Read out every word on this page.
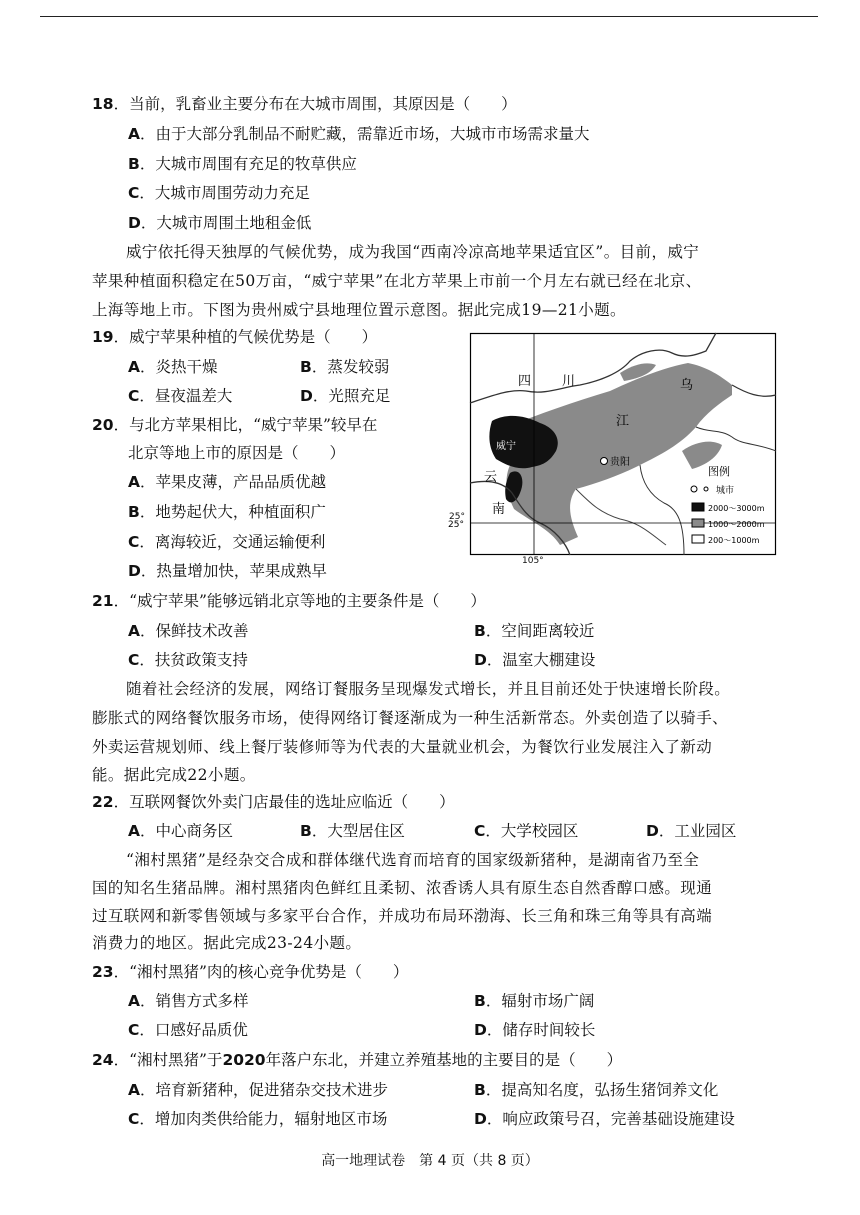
18．当前，乳畜业主要分布在大城市周围，其原因是（　　）
A．由于大部分乳制品不耐贮藏，需靠近市场，大城市市场需求量大
B．大城市周围有充足的牧草供应
C．大城市周围劳动力充足
D．大城市周围土地租金低
威宁依托得天独厚的气候优势，成为我国“西南冷凉高地苹果适宜区”。目前，威宁
苹果种植面积稳定在50万亩，“威宁苹果”在北方苹果上市前一个月左右就已经在北京、
上海等地上市。下图为贵州威宁县地理位置示意图。据此完成19—21小题。
19．威宁苹果种植的气候优势是（　　）
A．炎热干燥	B．蒸发较弱
C．昼夜温差大	D．光照充足
20．与北方苹果相比，“威宁苹果”较早在
北京等地上市的原因是（　　）
A．苹果皮薄，产品品质优越
B．地势起伏大，种植面积广
C．离海较近，交通运输便利
D．热量增加快，苹果成熟早
四 川	乌
江
云
南
威宁
贵阳
25°
图例
城市
2000～3000m
1000～2000m
200～1000m
25°
105°
21．“威宁苹果”能够远销北京等地的主要条件是（　　）
A．保鲜技术改善	B．空间距离较近
C．扶贫政策支持	D．温室大棚建设
随着社会经济的发展，网络订餐服务呈现爆发式增长，并且目前还处于快速增长阶段。
膨胀式的网络餐饮服务市场，使得网络订餐逐渐成为一种生活新常态。外卖创造了以骑手、
外卖运营规划师、线上餐厅装修师等为代表的大量就业机会，为餐饮行业发展注入了新动
能。据此完成22小题。
22．互联网餐饮外卖门店最佳的选址应临近（　　）
A．中心商务区	B．大型居住区	C．大学校园区	D．工业园区
“湘村黑猪”是经杂交合成和群体继代选育而培育的国家级新猪种，是湖南省乃至全
国的知名生猪品牌。湘村黑猪肉色鲜红且柔韧、浓香诱人具有原生态自然香醇口感。现通
过互联网和新零售领域与多家平台合作，并成功布局环渤海、长三角和珠三角等具有高端
消费力的地区。据此完成23-24小题。
23．“湘村黑猪”肉的核心竞争优势是（　　）
A．销售方式多样	B．辐射市场广阔
C．口感好品质优	D．储存时间较长
24．“湘村黑猪”于2020年落户东北，并建立养殖基地的主要目的是（　　）
A．培育新猪种，促进猪杂交技术进步	B．提高知名度，弘扬生猪饲养文化
C．增加肉类供给能力，辐射地区市场	D．响应政策号召，完善基础设施建设
高一地理试卷　第 4 页（共 8 页）
